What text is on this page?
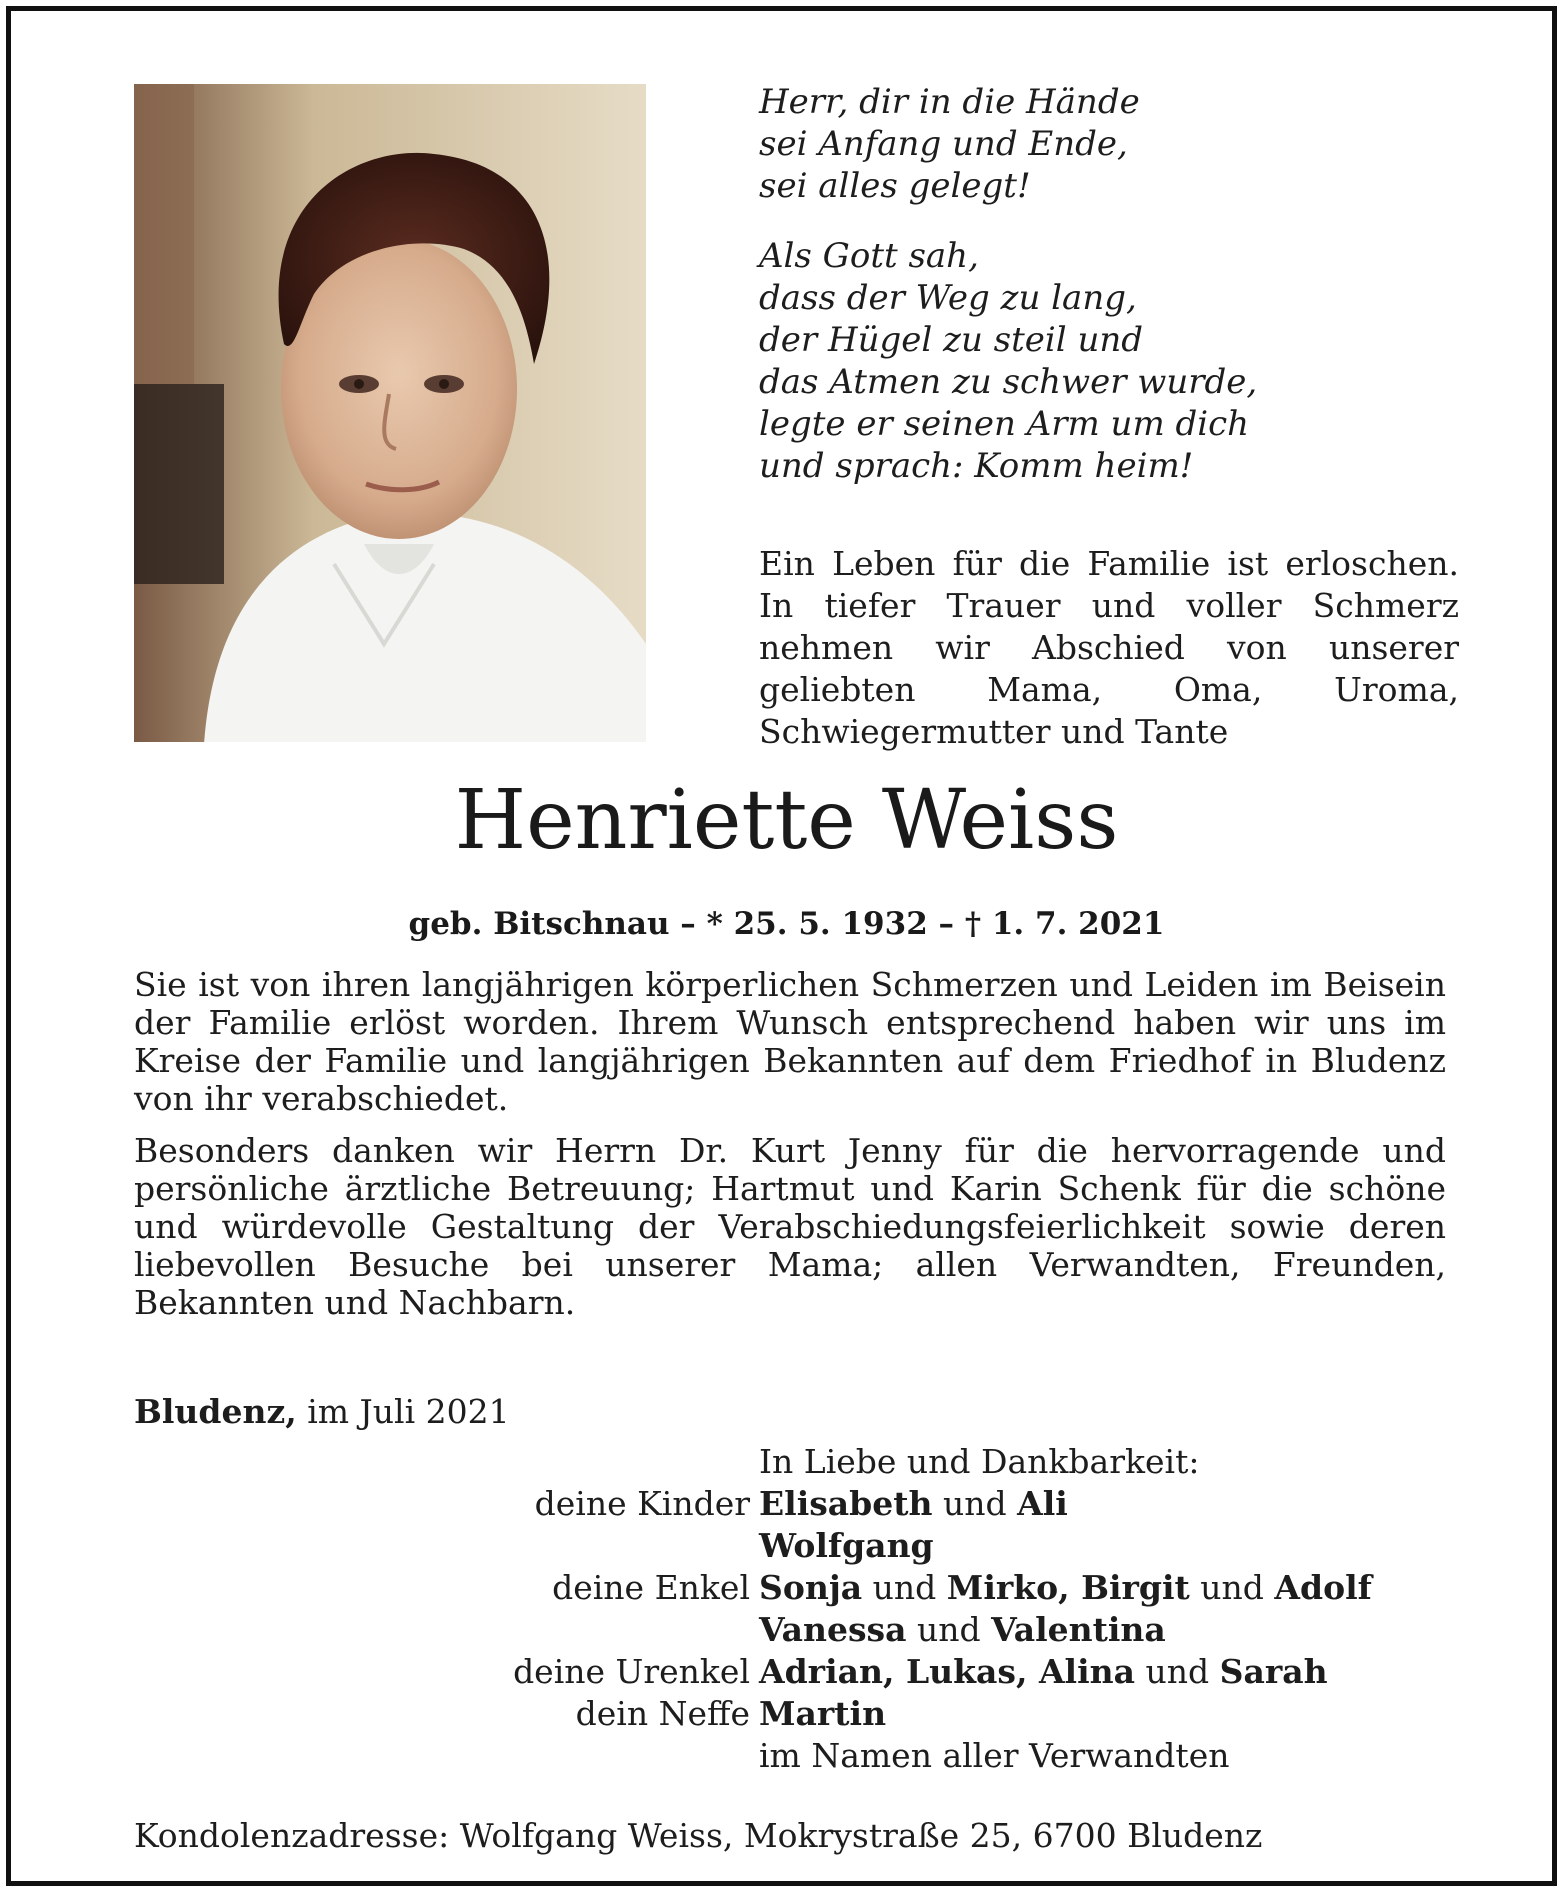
Herr, dir in die Hände
sei Anfang und Ende,
sei alles gelegt!
Als Gott sah,
dass der Weg zu lang,
der Hügel zu steil und
das Atmen zu schwer wurde,
legte er seinen Arm um dich
und sprach: Komm heim!
Ein Leben für die Familie ist erloschen. In tiefer Trauer und voller Schmerz nehmen wir Abschied von unserer geliebten Mama, Oma, Uroma, Schwiegermutter und Tante
Henriette Weiss
geb. Bitschnau – * 25. 5. 1932 – † 1. 7. 2021

Sie ist von ihren langjährigen körperlichen Schmerzen und Leiden im Beisein der Familie erlöst worden. Ihrem Wunsch entsprechend haben wir uns im Kreise der Familie und langjährigen Bekannten auf dem Friedhof in Bludenz von ihr verabschiedet.

Besonders danken wir Herrn Dr. Kurt Jenny für die hervorragende und persönliche ärztliche Betreuung; Hartmut und Karin Schenk für die schöne und würdevolle Gestaltung der Verabschiedungsfeierlichkeit sowie deren liebevollen Besuche bei unserer Mama; allen Verwandten, Freunden, Bekannten und Nachbarn.

Bludenz, im Juli 2021
In Liebe und Dankbarkeit:
deine Kinder Elisabeth und Ali
Wolfgang
deine Enkel Sonja und Mirko, Birgit und Adolf
Vanessa und Valentina
deine Urenkel Adrian, Lukas, Alina und Sarah
dein Neffe Martin
im Namen aller Verwandten
Kondolenzadresse: Wolfgang Weiss, Mokrystraße 25, 6700 Bludenz
